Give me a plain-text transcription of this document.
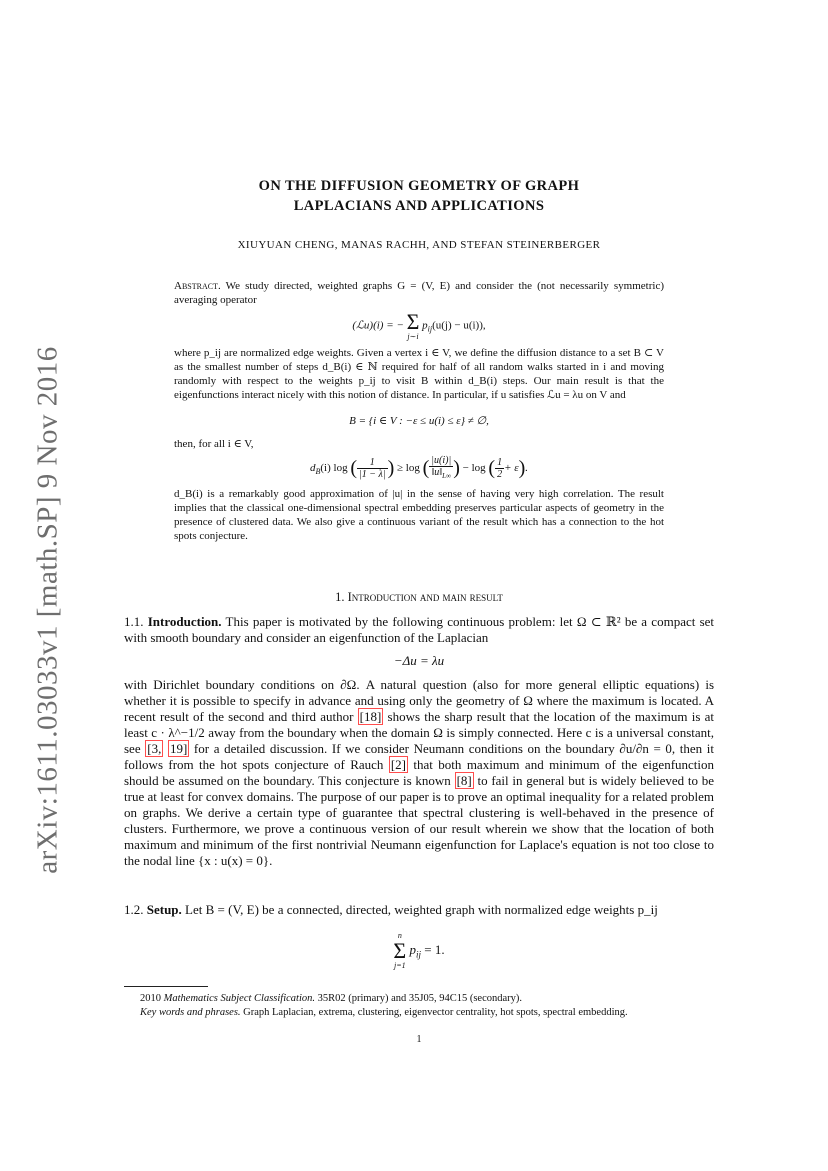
arXiv:1611.03033v1 [math.SP] 9 Nov 2016
ON THE DIFFUSION GEOMETRY OF GRAPH
LAPLACIANS AND APPLICATIONS
XIUYUAN CHENG, MANAS RACHH, AND STEFAN STEINERBERGER
Abstract. We study directed, weighted graphs G = (V, E) and consider the (not necessarily symmetric) averaging operator
(ℒu)(i) = − Σ
j∼i
$p_{ij}(u(j) - u(i))$,
where p_ij are normalized edge weights. Given a vertex i ∈ V, we define the diffusion distance to a set B ⊂ V as the smallest number of steps d_B(i) ∈ ℕ required for half of all random walks started in i and moving randomly with respect to the weights p_ij to visit B within d_B(i) steps. Our main result is that the eigenfunctions interact nicely with this notion of distance. In particular, if u satisfies ℒu = λu on V and
B = {i ∈ V : −ε ≤ u(i) ≤ ε} ≠ ∅,
then, for all i ∈ V,
$d_B(i)$ log ( $\frac{1}{|1 - \lambda|}$ ) ≥ log ( $\frac{|u(i)|}{‖u‖_{L\infty}}$ ) − log ( $\frac{1}{2} + \varepsilon$).
d_B(i) is a remarkably good approximation of |u| in the sense of having very high correlation. The result implies that the classical one-dimensional spectral embedding preserves particular aspects of geometry in the presence of clustered data. We also give a continuous variant of the result which has a connection to the hot spots conjecture.
1. Introduction and main result
1.1. Introduction. This paper is motivated by the following continuous problem: let Ω ⊂ ℝ² be a compact set with smooth boundary and consider an eigenfunction of the Laplacian
−Δu = λu
with Dirichlet boundary conditions on ∂Ω. A natural question (also for more general elliptic equations) is whether it is possible to specify in advance and using only the geometry of Ω where the maximum is located. A recent result of the second and third author [18] shows the sharp result that the location of the maximum is at least c · λ^−1/2 away from the boundary when the domain Ω is simply connected. Here c is a universal constant, see [3, 19] for a detailed discussion. If we consider Neumann conditions on the boundary ∂u/∂n = 0, then it follows from the hot spots conjecture of Rauch [2] that both maximum and minimum of the eigenfunction should be assumed on the boundary. This conjecture is known [8] to fail in general but is widely believed to be true at least for convex domains. The purpose of our paper is to prove an optimal inequality for a related problem on graphs. We derive a certain type of guarantee that spectral clustering is well-behaved in the presence of clusters. Furthermore, we prove a continuous version of our result wherein we show that the location of both maximum and minimum of the first nontrivial Neumann eigenfunction for Laplace's equation is not too close to the nodal line {x : u(x) = 0}.
1.2. Setup. Let B = (V, E) be a connected, directed, weighted graph with normalized edge weights p_ij
n
Σ
j=1
$p_{ij} = 1$.
2010 Mathematics Subject Classification. 35R02 (primary) and 35J05, 94C15 (secondary).
Key words and phrases. Graph Laplacian, extrema, clustering, eigenvector centrality, hot spots, spectral embedding.
1
